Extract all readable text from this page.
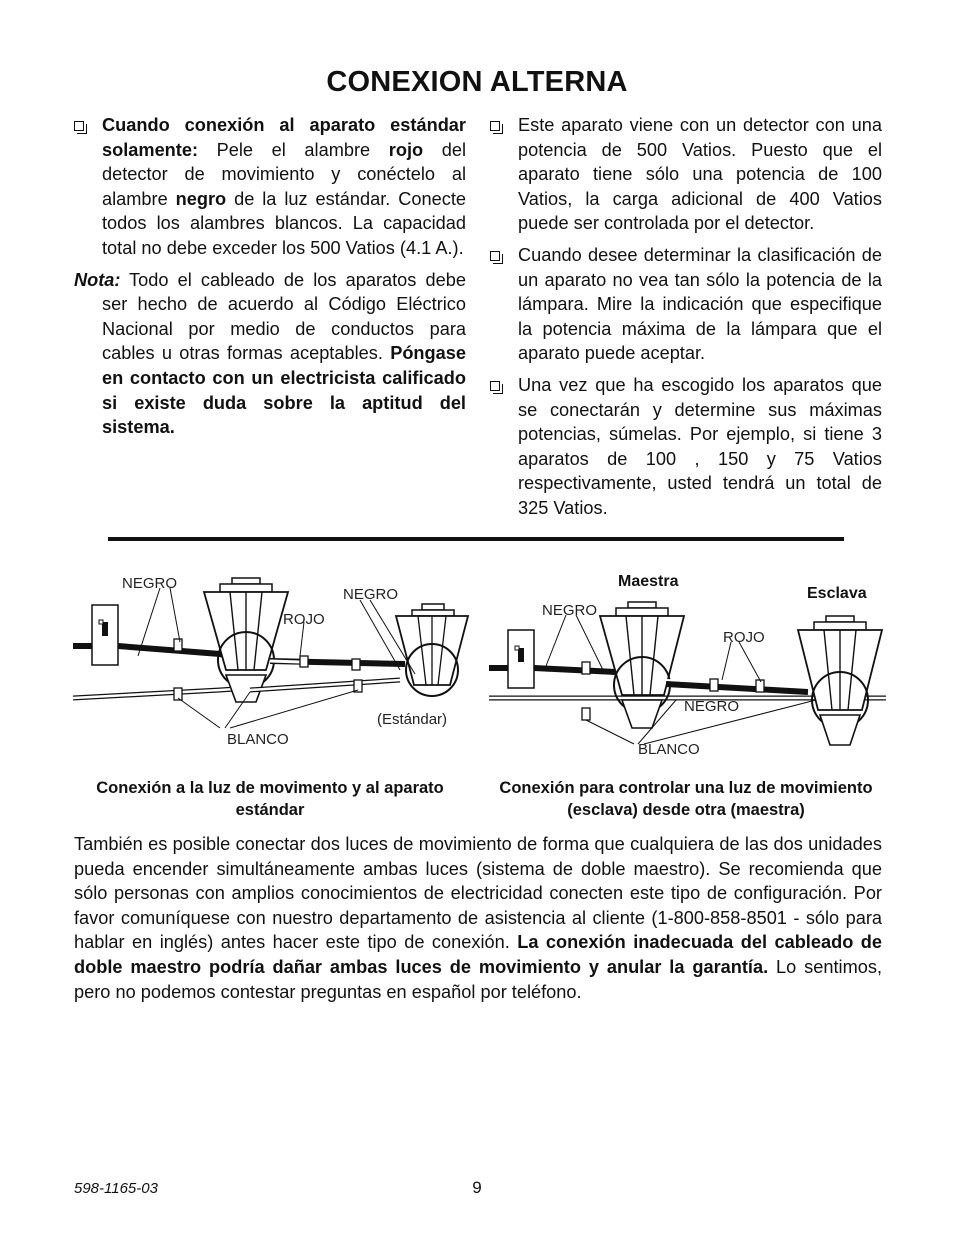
CONEXION ALTERNA
Cuando conexión al aparato estándar solamente: Pele el alambre rojo del detector de movimiento y conéctelo al alambre negro de la luz estándar. Conecte todos los alambres blancos. La capacidad total no debe exceder los 500 Vatios (4.1 A.).
Nota: Todo el cableado de los aparatos debe ser hecho de acuerdo al Código Eléctrico Nacional por medio de conductos para cables u otras formas aceptables. Póngase en contacto con un electricista calificado si existe duda sobre la aptitud del sistema.
Este aparato viene con un detector con una potencia de 500 Vatios. Puesto que el aparato tiene sólo una potencia de 100 Vatios, la carga adicional de 400 Vatios puede ser controlada por el detector.
Cuando desee determinar la clasificación de un aparato no vea tan sólo la potencia de la lámpara. Mire la indicación que especifique la potencia máxima de la lámpara que el aparato puede aceptar.
Una vez que ha escogido los aparatos que se conectarán y determine sus máximas potencias, súmelas. Por ejemplo, si tiene 3 aparatos de 100 , 150 y 75 Vatios respectivamente, usted tendrá un total de 325 Vatios.
NEGRO
NEGRO
ROJO
BLANCO
(Estándar)
Maestra
Esclava
NEGRO
ROJO
NEGRO
BLANCO
Conexión a la luz de movimento y al aparato estándar
Conexión para controlar una luz de movimiento (esclava) desde otra (maestra)
También es posible conectar dos luces de movimiento de forma que cualquiera de las dos unidades pueda encender simultáneamente ambas luces (sistema de doble maestro). Se recomienda que sólo personas con amplios conocimientos de electricidad conecten este tipo de configuración. Por favor comuníquese con nuestro departamento de asistencia al cliente (1-800-858-8501 - sólo para hablar en inglés) antes hacer este tipo de conexión. La conexión inadecuada del cableado de doble maestro podría dañar ambas luces de movimiento y anular la garantía. Lo sentimos, pero no podemos contestar preguntas en español por teléfono.
598-1165-03	9
